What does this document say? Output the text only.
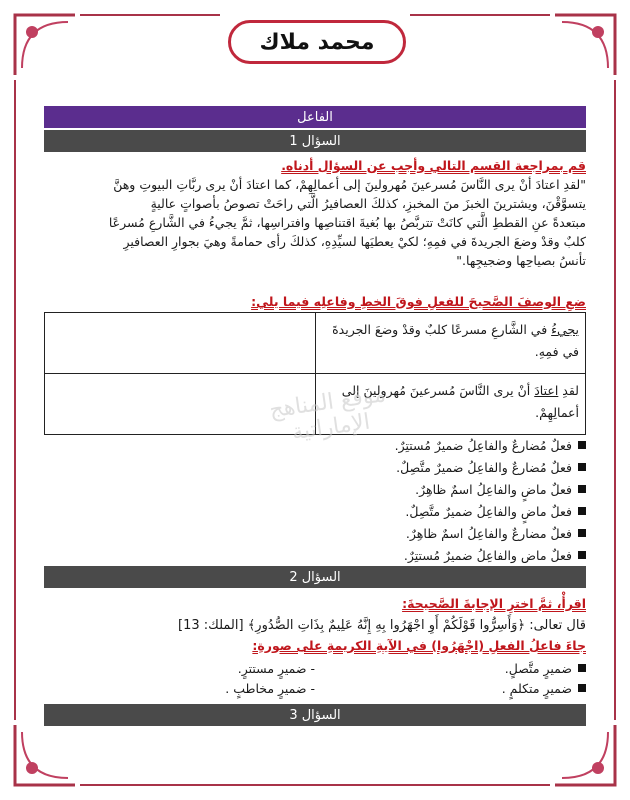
محمد ملاك
الفاعل
1 السؤال
قم بمراجعة القسم التالي وأجب عن السؤال أدناه.
"لقدِ اعتادَ أنْ يرى النَّاسَ مُسرعينَ مُهرولينَ إلى أعمالِهِمْ، كما اعتادَ أنْ يرى ربَّاتِ البيوتِ وهنَّ
يتسوَّقْنَ، ويشترينَ الخبزَ منَ المخبزِ، كذلكَ العصافيرُ الَّتي راحَتْ تصوصُ بأصواتٍ عاليةٍ
مبتعدةً عنِ القططِ الَّتي كانَتْ تتربَّصُ بها بُغيةَ اقتناصِها وافتراسِها، ثمَّ يجيءُ في الشَّارعِ مُسرعًا
كلبٌ وقدْ وضعَ الجريدةَ في فمِهِ؛ لكيْ يعطيَها لسيِّدِهِ، كذلكَ رأى حمامةً وهيَ بجوارِ العصافيرِ
تأنسُ بصياحِها وضجيجِها."
ضعِ الوصفَ الصَّحيحَ للفعلِ فوقَ الخطِ وفاعلِه فيما يلي:
يجيءُ في الشَّارعِ مسرعًا كلبٌ وقدْ وضعَ الجريدةَ في فمِهِ.	
لقدِ اعتادَ أنْ يرى النَّاسَ مُسرعينَ مُهرولينَ إلى أعمالِهِمْ.	
موقع المناهج الإماراتية	فعلٌ مُضارعٌ والفاعِلُ ضميرٌ مُستتِرٌ.
فعلٌ مُضارعٌ والفاعِلُ ضميرٌ متَّصِلٌ.
فعلٌ ماضٍ والفاعِلُ اسمٌ ظاهِرٌ.
فعلٌ ماضٍ والفاعِلُ ضميرٌ متَّصِلٌ.
فعلٌ مضارعٌ والفاعِلُ اسمٌ ظاهِرٌ.
فعلٌ ماض والفاعِلُ ضميرٌ مُستتِرٌ.
2 السؤال
اقرأْ، ثمَّ اخترِ الإجابةَ الصَّحيحةَ:
قال تعالى: ﴿وَأَسِرُّوا قَوْلَكُمْ أَوِ اجْهَرُوا بِهِ إِنَّهُ عَلِيمٌ بِذَاتِ الصُّدُورِ﴾ [الملك: 13]
جاءَ فاعلُ الفعلِ (اجْهَرُوا) في الآيةِ الكريمةِ على صورةِ:
ضميرٍ متَّصلٍ.
- ضميرٍ مستترٍ.
ضميرٍ متكلمٍ .
- ضميرٍ مخاطبٍ .
3 السؤال
